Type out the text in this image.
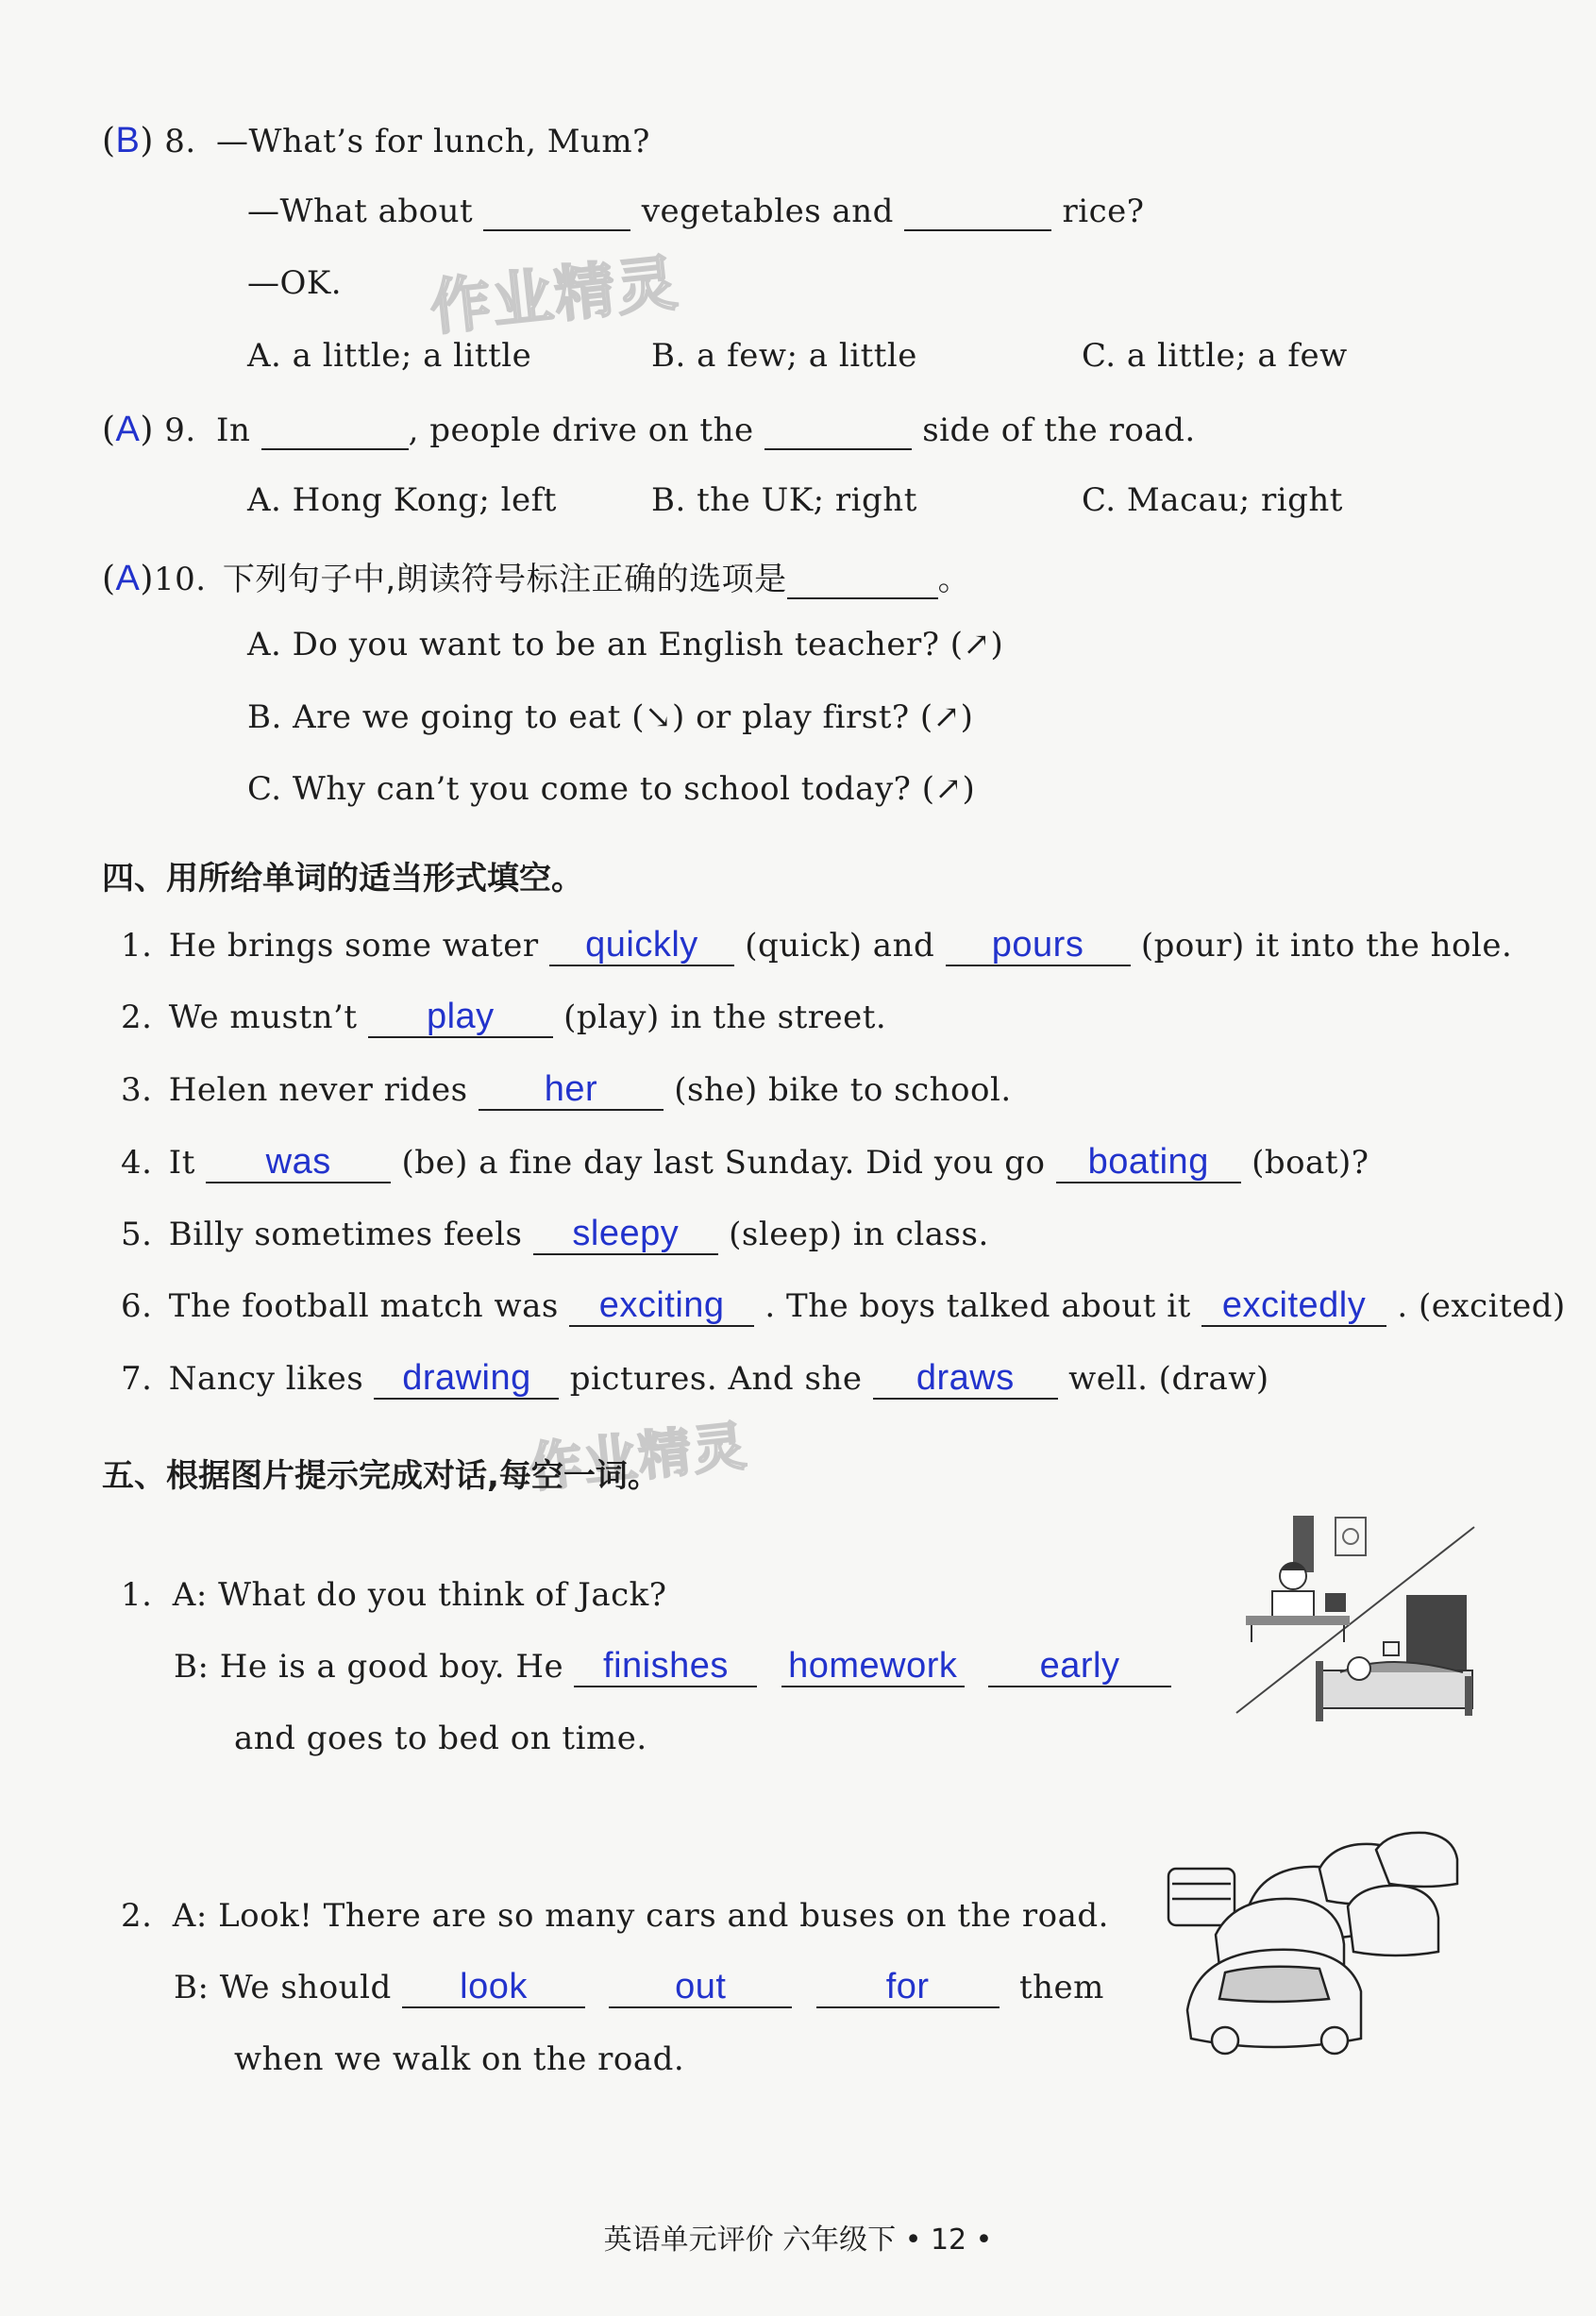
作业精灵
作业精灵
(B) 8. —What’s for lunch, Mum?
—What about	vegetables and	rice?
—OK.
A. a little; a little	B. a few; a little	C. a little; a few
(A) 9. In	, people drive on the	side of the road.
A. Hong Kong; left	B. the UK; right	C. Macau; right
(A)10. 下列句子中,朗读符号标注正确的选项是	。
A. Do you want to be an English teacher? (↗)
B. Are we going to eat (↘) or play first? (↗)
C. Why can’t you come to school today? (↗)
四、用所给单词的适当形式填空。
1. He brings some water quickly (quick) and pours (pour) it into the hole.
2. We mustn’t play (play) in the street.
3. Helen never rides her (she) bike to school.
4. It was (be) a fine day last Sunday. Did you go boating (boat)?
5. Billy sometimes feels sleepy (sleep) in class.
6. The football match was exciting . The boys talked about it excitedly . (excited)
7. Nancy likes drawing pictures. And she draws well. (draw)
五、根据图片提示完成对话,每空一词。
1. A: What do you think of Jack?
B: He is a good boy. He finishes homework early
and goes to bed on time.
2. A: Look! There are so many cars and buses on the road.
B: We should look	out	for	them
when we walk on the road.
英语单元评价 六年级下 • 12 •
